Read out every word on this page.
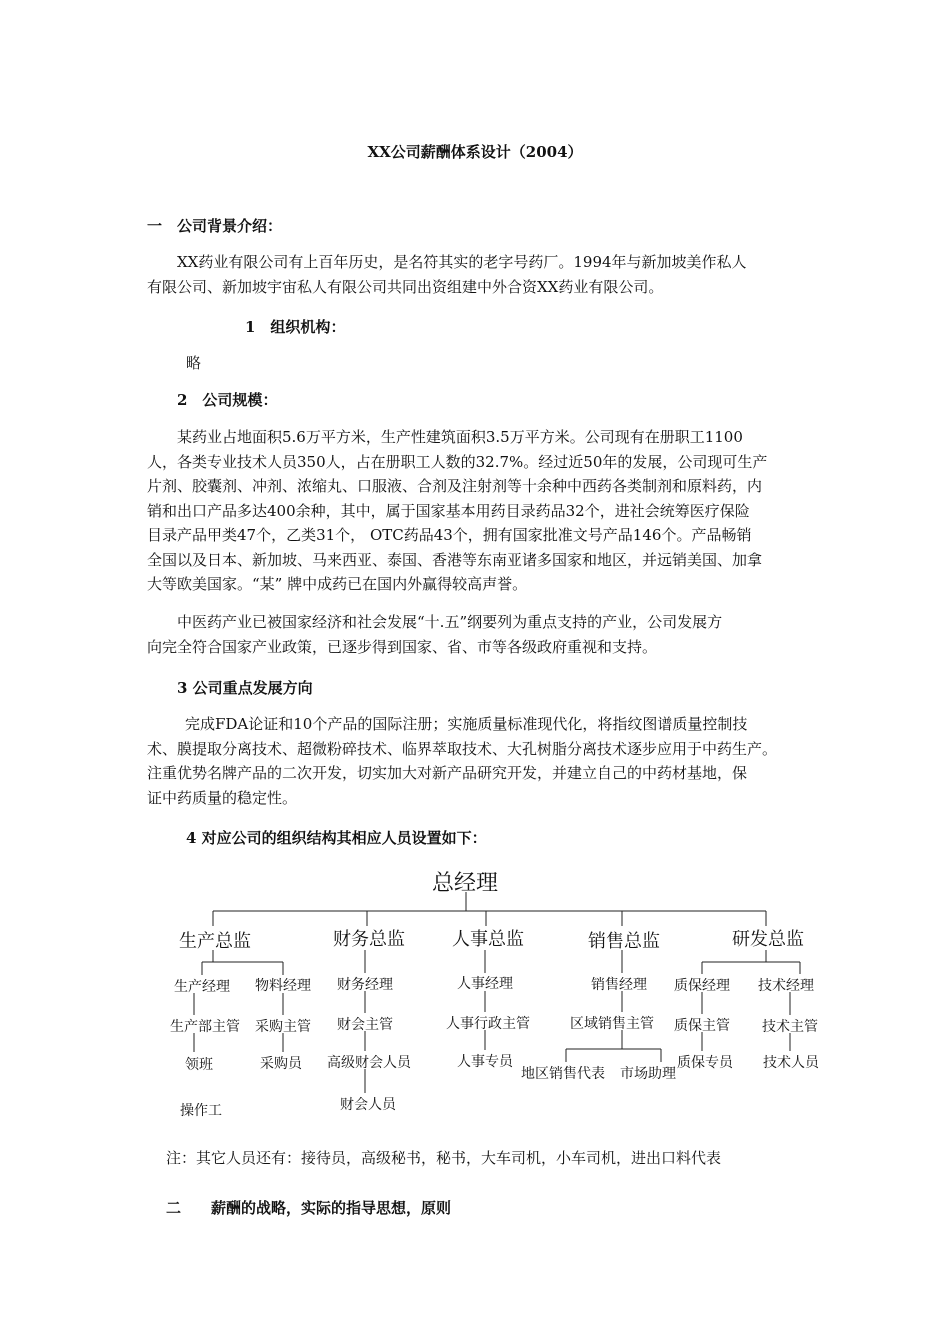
XX公司薪酬体系设计（2004）
一　公司背景介绍：
XX药业有限公司有上百年历史，是名符其实的老字号药厂。1994年与新加坡美作私人
有限公司、新加坡宇宙私人有限公司共同出资组建中外合资XX药业有限公司。
1　组织机构：
略
2　公司规模：
某药业占地面积5.6万平方米，生产性建筑面积3.5万平方米。公司现有在册职工1100
人，各类专业技术人员350人，占在册职工人数的32.7%。经过近50年的发展，公司现可生产
片剂、胶囊剂、冲剂、浓缩丸、口服液、合剂及注射剂等十余种中西药各类制剂和原料药，内
销和出口产品多达400余种，其中，属于国家基本用药目录药品32个，进社会统筹医疗保险
目录产品甲类47个，乙类31个， OTC药品43个，拥有国家批准文号产品146个。产品畅销
全国以及日本、新加坡、马来西亚、泰国、香港等东南亚诸多国家和地区，并远销美国、加拿
大等欧美国家。“某” 牌中成药已在国内外赢得较高声誉。
中医药产业已被国家经济和社会发展“十.五”纲要列为重点支持的产业，公司发展方
向完全符合国家产业政策，已逐步得到国家、省、市等各级政府重视和支持。
3 公司重点发展方向
完成FDA论证和10个产品的国际注册；实施质量标准现代化，将指纹图谱质量控制技
术、膜提取分离技术、超微粉碎技术、临界萃取技术、大孔树脂分离技术逐步应用于中药生产。
注重优势名牌产品的二次开发，切实加大对新产品研究开发，并建立自己的中药材基地，保
证中药质量的稳定性。
4 对应公司的组织结构其相应人员设置如下：
总经理
生产总监	财务总监	人事总监	销售总监	研发总监
生产经理
生产部主管
领班
操作工
物料经理
采购主管
采购员
财务经理
财会主管
高级财会人员
财会人员
人事经理
人事行政主管
人事专员
销售经理
区域销售主管
地区销售代表 市场助理
质保经理
质保主管
质保专员
技术经理
技术主管
技术人员
注：其它人员还有：接待员，高级秘书，秘书，大车司机，小车司机，进出口料代表
二　　薪酬的战略，实际的指导思想，原则
